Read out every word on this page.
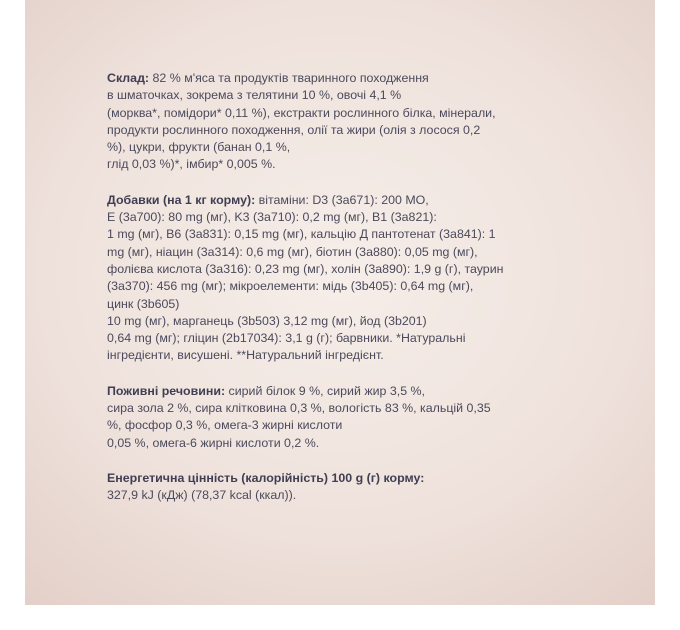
Склад: 82 % м'яса та продуктів тваринного походження
в шматочках, зокрема з телятини 10 %, овочі 4,1 %
(морква*, помідори* 0,11 %), екстракти рослинного білка, мінерали,
продукти рослинного походження, олії та жири (олія з лосося 0,2
%), цукри, фрукти (банан 0,1 %,
глід 0,03 %)*, імбир* 0,005 %.

Добавки (на 1 кг корму): вітаміни: D3 (3а671): 200 МО,
E (3a700): 80 mg (мг), K3 (3a710): 0,2 mg (мг), B1 (3a821):
1 mg (мг), B6 (3a831): 0,15 mg (мг), кальцію Д пантотенат (3a841): 1
mg (мг), ніацин (3a314): 0,6 mg (мг), біотин (3a880): 0,05 mg (мг),
фолієва кислота (3a316): 0,23 mg (мг), холін (3a890): 1,9 g (г), таурин
(3a370): 456 mg (мг); мікроелементи: мідь (3b405): 0,64 mg (мг),
цинк (3b605)
10 mg (мг), марганець (3b503) 3,12 mg (мг), йод (3b201)
0,64 mg (мг); гліцин (2b17034): 3,1 g (г); барвники. *Натуральні
інгредієнти, висушені. **Натуральний інгредієнт.

Поживні речовини: сирий білок 9 %, сирий жир 3,5 %,
сира зола 2 %, сира клітковина 0,3 %, вологість 83 %, кальцій 0,35
%, фосфор 0,3 %, омега-3 жирні кислоти
0,05 %, омега-6 жирні кислоти 0,2 %.

Енергетична цінність (калорійність) 100 g (г) корму:
327,9 kJ (кДж) (78,37 kcal (ккал)).
